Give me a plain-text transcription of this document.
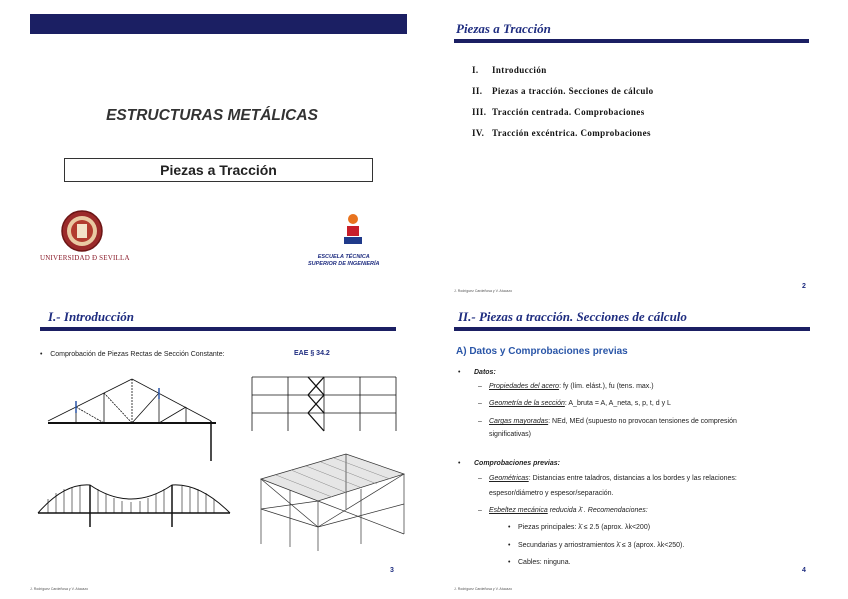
ESTRUCTURAS METÁLICAS
Piezas a Tracción
UNIVERSIDAD Ð SEVILLA	ESCUELA TÉCNICA
SUPERIOR DE INGENIERÍA
Piezas a Tracción
I. Introducción
II. Piezas a tracción. Secciones de cálculo
III. Tracción centrada. Comprobaciones
IV. Tracción excéntrica. Comprobaciones
J. Rodríguez Cardeñosa y V. Atucazo
2
I.- Introducción
•    Comprobación de Piezas Rectas de Sección Constante:	EAE § 34.2
J. Rodríguez Cardeñosa y V. Atucazo
3
II.- Piezas a tracción. Secciones de cálculo
A) Datos y Comprobaciones previas
• Datos:
– Propiedades del acero: fy (lím. elást.), fu (tens. max.)
– Geometría de la sección: A_bruta = A, A_neta, s, p, t, d y L
– Cargas mayoradas: NEd, MEd (supuesto no provocan tensiones de compresión
significativas)
• Comprobaciones previas:
– Geométricas: Distancias entre taladros, distancias a los bordes y las relaciones:
espesor/diámetro y espesor/separación.
– Esbeltez mecánica reducida λ̄ . Recomendaciones:
• Piezas principales: λ̄ ≤ 2.5 (aprox. λk<200)
• Secundarias y arriostramientos λ̄ ≤ 3 (aprox. λk<250).
• Cables: ninguna.
J. Rodríguez Cardeñosa y V. Atucazo
4
